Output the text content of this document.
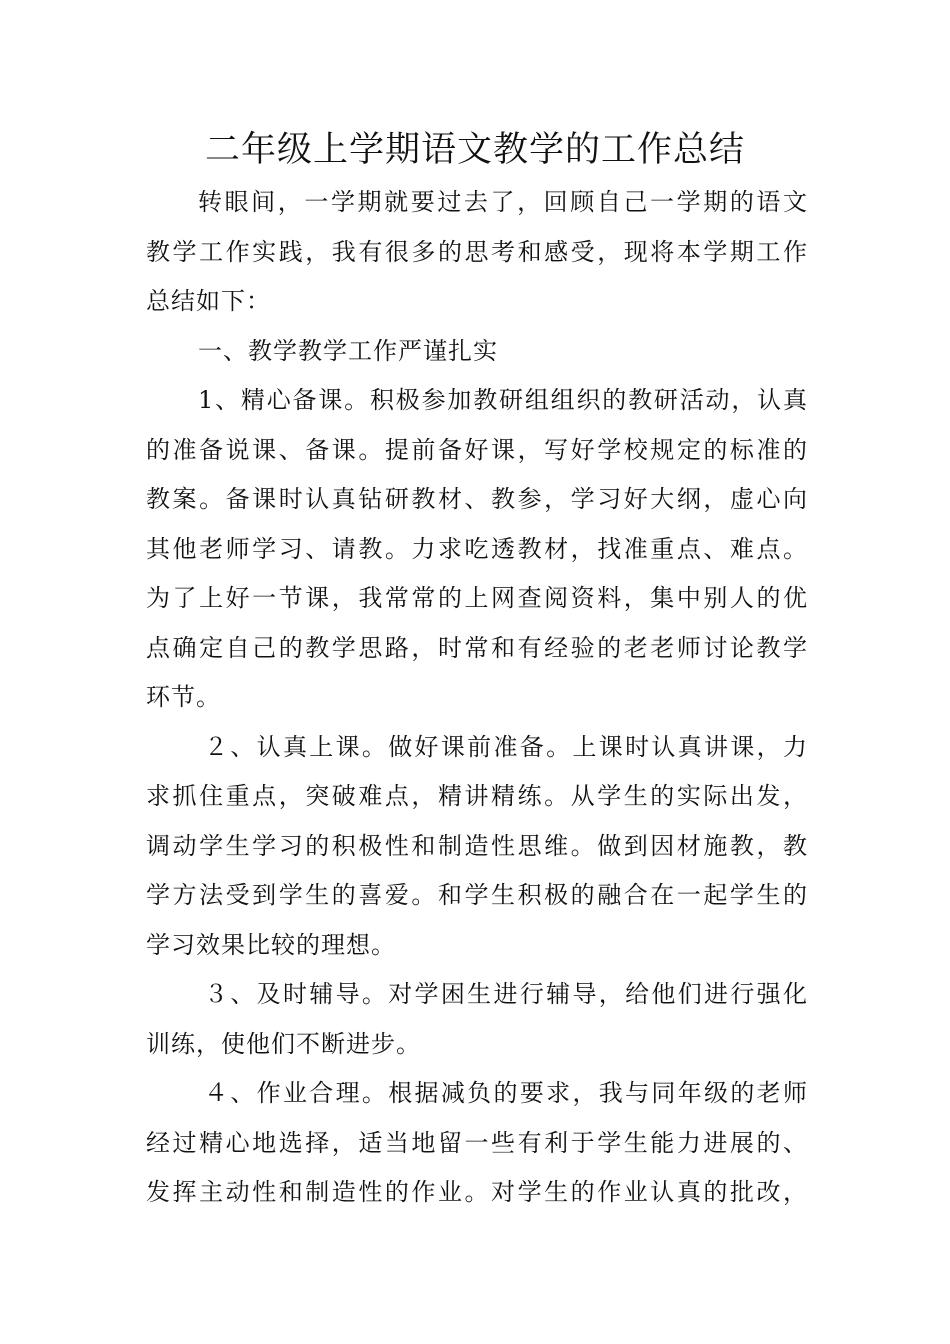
二年级上学期语文教学的工作总结
转眼间，一学期就要过去了，回顾自己一学期的语文
教学工作实践，我有很多的思考和感受，现将本学期工作
总结如下：
一、教学教学工作严谨扎实
1、精心备课。积极参加教研组组织的教研活动，认真
的准备说课、备课。提前备好课，写好学校规定的标准的
教案。备课时认真钻研教材、教参，学习好大纲，虚心向
其他老师学习、请教。力求吃透教材，找准重点、难点。
为了上好一节课，我常常的上网查阅资料，集中别人的优
点确定自己的教学思路，时常和有经验的老老师讨论教学
环节。
２、认真上课。做好课前准备。上课时认真讲课，力
求抓住重点，突破难点，精讲精练。从学生的实际出发，
调动学生学习的积极性和制造性思维。做到因材施教，教
学方法受到学生的喜爱。和学生积极的融合在一起学生的
学习效果比较的理想。
３、及时辅导。对学困生进行辅导，给他们进行强化
训练，使他们不断进步。
４、作业合理。根据减负的要求，我与同年级的老师
经过精心地选择，适当地留一些有利于学生能力进展的、
发挥主动性和制造性的作业。对学生的作业认真的批改，
